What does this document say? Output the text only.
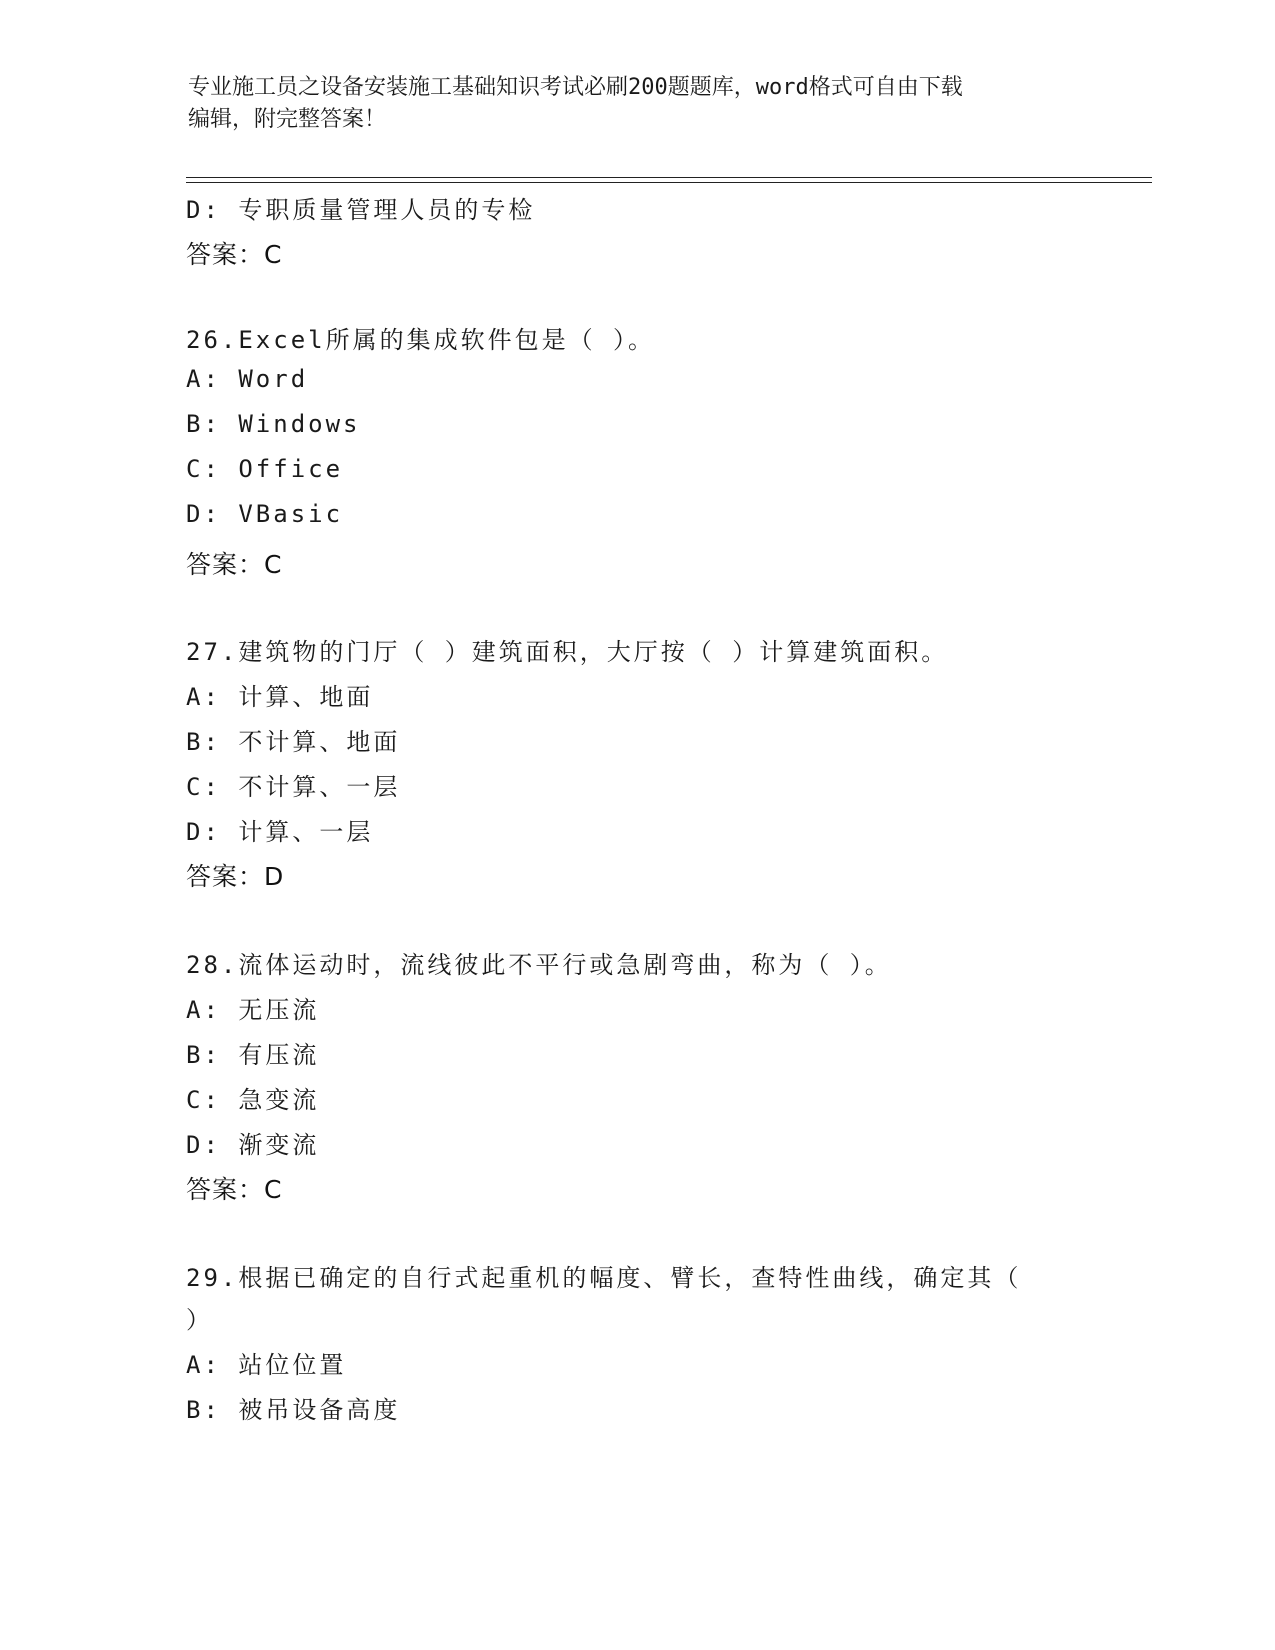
专业施工员之设备安装施工基础知识考试必刷200题题库，word格式可自由下载
编辑，附完整答案！
D: 专职质量管理人员的专检
答案：C
26.Excel所属的集成软件包是（ ）。
A: Word
B: Windows
C: Office
D: VBasic
答案：C
27.建筑物的门厅（ ）建筑面积，大厅按（ ）计算建筑面积。
A: 计算、地面
B: 不计算、地面
C: 不计算、一层
D: 计算、一层
答案：D
28.流体运动时，流线彼此不平行或急剧弯曲，称为（ ）。
A: 无压流
B: 有压流
C: 急变流
D: 渐变流
答案：C
29.根据已确定的自行式起重机的幅度、臂长，查特性曲线，确定其（
）
A: 站位位置
B: 被吊设备高度
